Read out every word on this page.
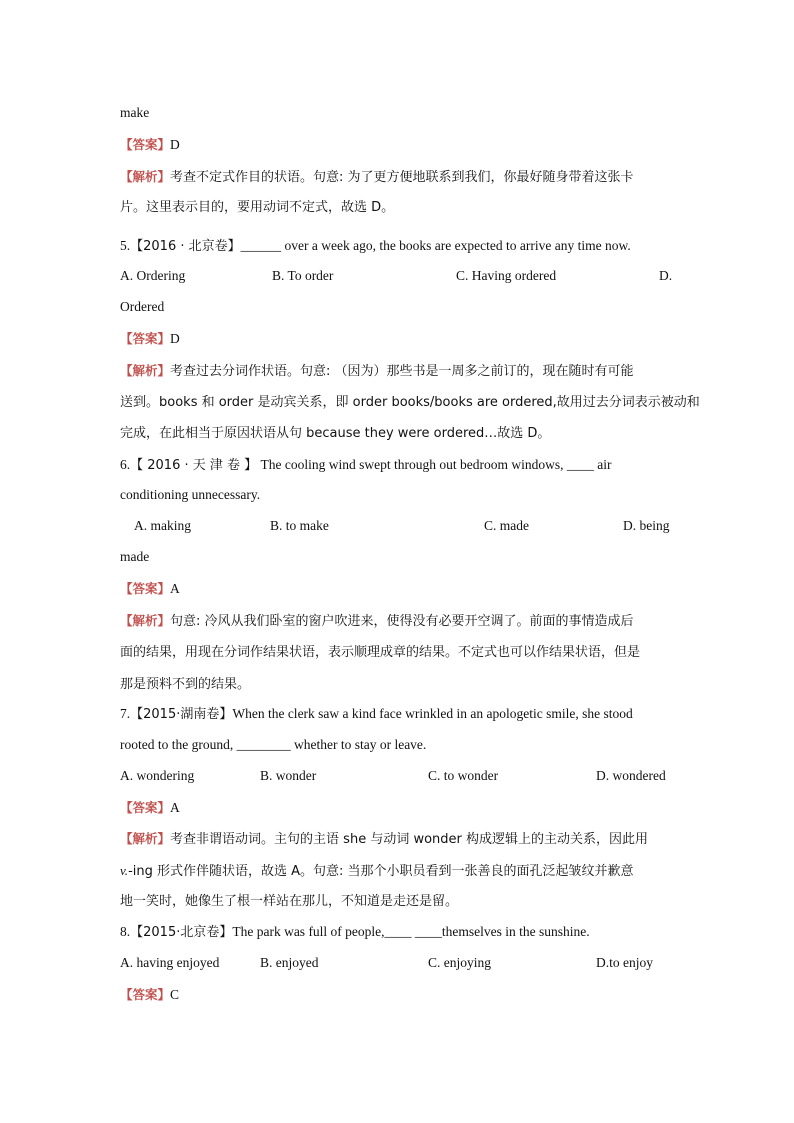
make
【答案】D
【解析】考查不定式作目的状语。句意: 为了更方便地联系到我们，你最好随身带着这张卡
片。这里表示目的，要用动词不定式，故选 D。
5.【2016 · 北京卷】______ over a week ago, the books are expected to arrive any time now.
A. Ordering	B. To order	C. Having ordered	D.
Ordered
【答案】D
【解析】考查过去分词作状语。句意: （因为）那些书是一周多之前订的，现在随时有可能
送到。books 和 order 是动宾关系，即 order books/books are ordered,故用过去分词表示被动和
完成，在此相当于原因状语从句 because they were ordered…故选 D。
6.【 2016 · 天 津 卷 】 The cooling wind swept through out bedroom windows, ____ air
conditioning unnecessary.
A. making	B. to make	C. made	D. being
made
【答案】A
【解析】句意: 冷风从我们卧室的窗户吹进来，使得没有必要开空调了。前面的事情造成后
面的结果，用现在分词作结果状语，表示顺理成章的结果。不定式也可以作结果状语，但是
那是预料不到的结果。
7.【2015·湖南卷】When the clerk saw a kind face wrinkled in an apologetic smile, she stood
rooted to the ground, ________ whether to stay or leave.
A. wondering	B. wonder	C. to wonder	D. wondered
【答案】A
【解析】考查非谓语动词。主句的主语 she 与动词 wonder 构成逻辑上的主动关系，因此用
v.-ing 形式作伴随状语，故选 A。句意: 当那个小职员看到一张善良的面孔泛起皱纹并歉意
地一笑时，她像生了根一样站在那儿，不知道是走还是留。
8.【2015·北京卷】The park was full of people,____ ____themselves in the sunshine.
A. having enjoyed	B. enjoyed	C. enjoying	D.to enjoy
【答案】C
